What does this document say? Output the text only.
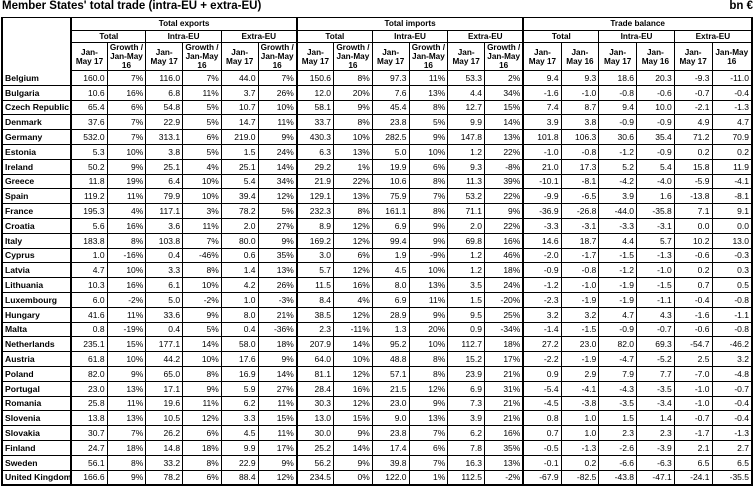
Member States' total trade (intra-EU + extra-EU)	bn €
	Total exports						Total imports						Trade balance					
	Total		Intra-EU		Extra-EU		Total		Intra-EU		Extra-EU		Total		Intra-EU		Extra-EU	
	Jan-May 17	Growth / Jan-May 16	Jan-May 17	Growth / Jan-May 16	Jan-May 17	Growth / Jan-May 16	Jan-May 17	Growth / Jan-May 16	Jan-May 17	Growth / Jan-May 16	Jan-May 17	Growth / Jan-May 16	Jan-May 17	Jan-May 16	Jan-May 17	Jan-May 16	Jan-May 17	Jan-May 16
Belgium	160.0	7%	116.0	7%	44.0	7%	150.6	8%	97.3	11%	53.3	2%	9.4	9.3	18.6	20.3	-9.3	-11.0
Bulgaria	10.6	16%	6.8	11%	3.7	26%	12.0	20%	7.6	13%	4.4	34%	-1.6	-1.0	-0.8	-0.6	-0.7	-0.4
Czech Republic	65.4	6%	54.8	5%	10.7	10%	58.1	9%	45.4	8%	12.7	15%	7.4	8.7	9.4	10.0	-2.1	-1.3
Denmark	37.6	7%	22.9	5%	14.7	11%	33.7	8%	23.8	5%	9.9	14%	3.9	3.8	-0.9	-0.9	4.9	4.7
Germany	532.0	7%	313.1	6%	219.0	9%	430.3	10%	282.5	9%	147.8	13%	101.8	106.3	30.6	35.4	71.2	70.9
Estonia	5.3	10%	3.8	5%	1.5	24%	6.3	13%	5.0	10%	1.2	22%	-1.0	-0.8	-1.2	-0.9	0.2	0.2
Ireland	50.2	9%	25.1	4%	25.1	14%	29.2	1%	19.9	6%	9.3	-8%	21.0	17.3	5.2	5.4	15.8	11.9
Greece	11.8	19%	6.4	10%	5.4	34%	21.9	22%	10.6	8%	11.3	39%	-10.1	-8.1	-4.2	-4.0	-5.9	-4.1
Spain	119.2	11%	79.9	10%	39.4	12%	129.1	13%	75.9	7%	53.2	22%	-9.9	-6.5	3.9	1.6	-13.8	-8.1
France	195.3	4%	117.1	3%	78.2	5%	232.3	8%	161.1	8%	71.1	9%	-36.9	-26.8	-44.0	-35.8	7.1	9.1
Croatia	5.6	16%	3.6	11%	2.0	27%	8.9	12%	6.9	9%	2.0	22%	-3.3	-3.1	-3.3	-3.1	0.0	0.0
Italy	183.8	8%	103.8	7%	80.0	9%	169.2	12%	99.4	9%	69.8	16%	14.6	18.7	4.4	5.7	10.2	13.0
Cyprus	1.0	-16%	0.4	-46%	0.6	35%	3.0	6%	1.9	-9%	1.2	46%	-2.0	-1.7	-1.5	-1.3	-0.6	-0.3
Latvia	4.7	10%	3.3	8%	1.4	13%	5.7	12%	4.5	10%	1.2	18%	-0.9	-0.8	-1.2	-1.0	0.2	0.3
Lithuania	10.3	16%	6.1	10%	4.2	26%	11.5	16%	8.0	13%	3.5	24%	-1.2	-1.0	-1.9	-1.5	0.7	0.5
Luxembourg	6.0	-2%	5.0	-2%	1.0	-3%	8.4	4%	6.9	11%	1.5	-20%	-2.3	-1.9	-1.9	-1.1	-0.4	-0.8
Hungary	41.6	11%	33.6	9%	8.0	21%	38.5	12%	28.9	9%	9.5	25%	3.2	3.2	4.7	4.3	-1.6	-1.1
Malta	0.8	-19%	0.4	5%	0.4	-36%	2.3	-11%	1.3	20%	0.9	-34%	-1.4	-1.5	-0.9	-0.7	-0.6	-0.8
Netherlands	235.1	15%	177.1	14%	58.0	18%	207.9	14%	95.2	10%	112.7	18%	27.2	23.0	82.0	69.3	-54.7	-46.2
Austria	61.8	10%	44.2	10%	17.6	9%	64.0	10%	48.8	8%	15.2	17%	-2.2	-1.9	-4.7	-5.2	2.5	3.2
Poland	82.0	9%	65.0	8%	16.9	14%	81.1	12%	57.1	8%	23.9	21%	0.9	2.9	7.9	7.7	-7.0	-4.8
Portugal	23.0	13%	17.1	9%	5.9	27%	28.4	16%	21.5	12%	6.9	31%	-5.4	-4.1	-4.3	-3.5	-1.0	-0.7
Romania	25.8	11%	19.6	11%	6.2	11%	30.3	12%	23.0	9%	7.3	21%	-4.5	-3.8	-3.5	-3.4	-1.0	-0.4
Slovenia	13.8	13%	10.5	12%	3.3	15%	13.0	15%	9.0	13%	3.9	21%	0.8	1.0	1.5	1.4	-0.7	-0.4
Slovakia	30.7	7%	26.2	6%	4.5	11%	30.0	9%	23.8	7%	6.2	16%	0.7	1.0	2.3	2.3	-1.7	-1.3
Finland	24.7	18%	14.8	18%	9.9	17%	25.2	14%	17.4	6%	7.8	35%	-0.5	-1.3	-2.6	-3.9	2.1	2.7
Sweden	56.1	8%	33.2	8%	22.9	9%	56.2	9%	39.8	7%	16.3	13%	-0.1	0.2	-6.6	-6.3	6.5	6.5
United Kingdom	166.6	9%	78.2	6%	88.4	12%	234.5	0%	122.0	1%	112.5	-2%	-67.9	-82.5	-43.8	-47.1	-24.1	-35.5
